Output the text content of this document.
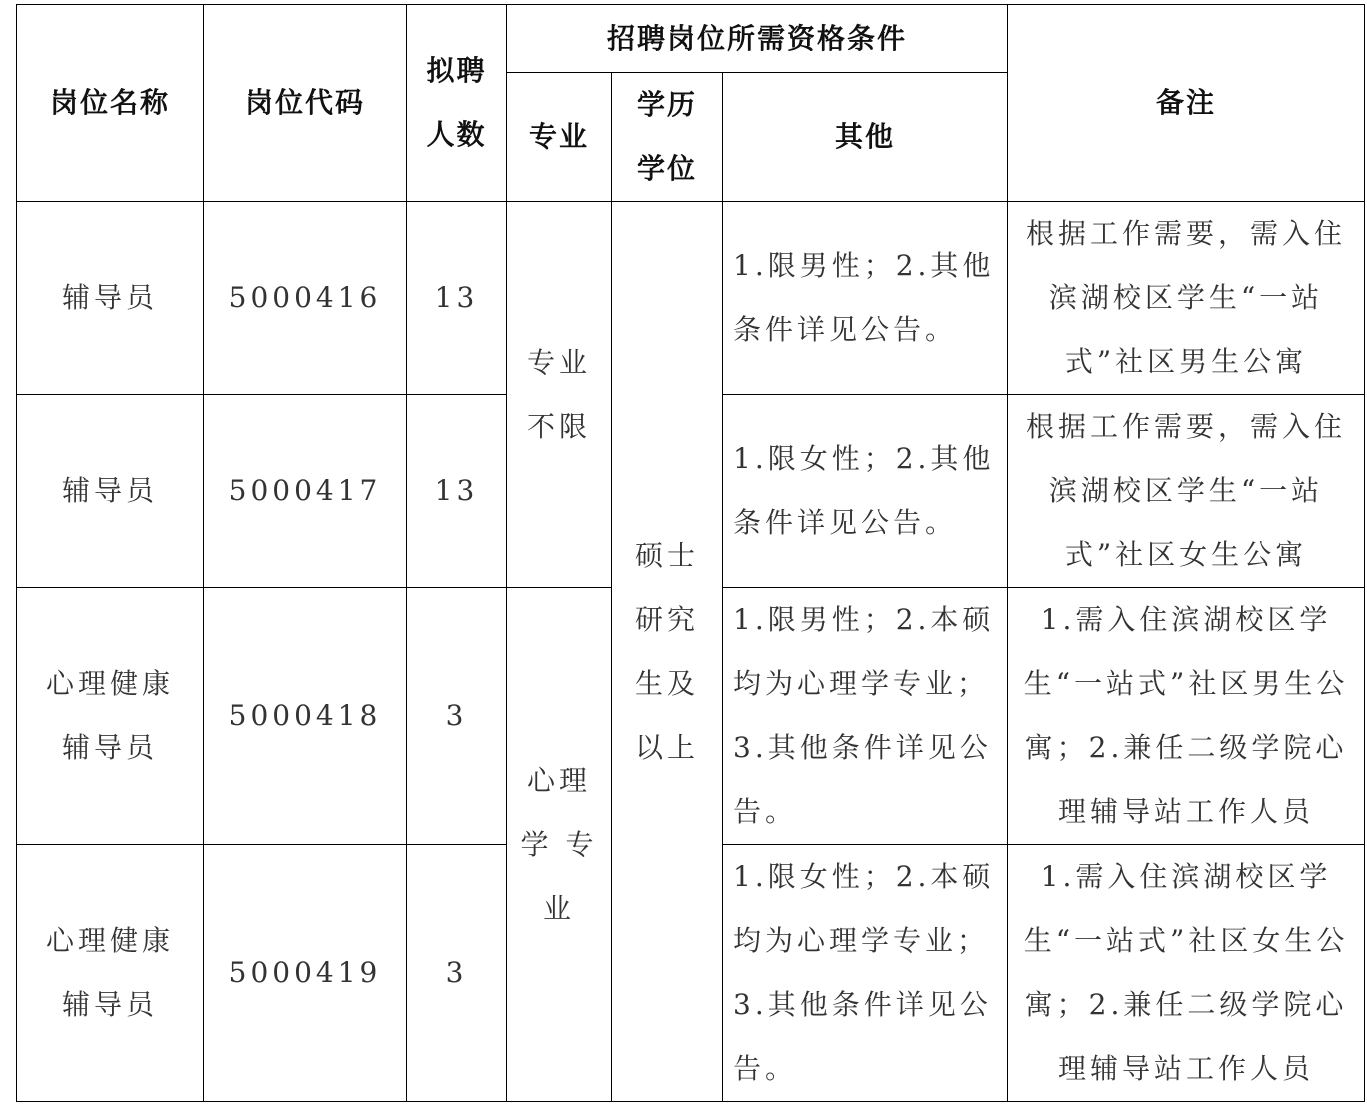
岗位名称	岗位代码	拟聘人数	招聘岗位所需资格条件			备注
			专业	学历学位	其他	
辅导员	5000416	13	专业不限	硕士研究生及以上	1.限男性；2.其他条件详见公告。	根据工作需要，需入住滨湖校区学生“一站式”社区男生公寓
辅导员	5000417	13			1.限女性；2.其他条件详见公告。	根据工作需要，需入住滨湖校区学生“一站式”社区女生公寓

心理健康辅导员	5000418	3	心理学 专业		1.限男性；2.本硕均为心理学专业；3.其他条件详见公告。	1.需入住滨湖校区学生“一站式”社区男生公寓；2.兼任二级学院心理辅导站工作人员

心理健康辅导员	5000419	3			1.限女性；2.本硕均为心理学专业；3.其他条件详见公告。	1.需入住滨湖校区学生“一站式”社区女生公寓；2.兼任二级学院心理辅导站工作人员
